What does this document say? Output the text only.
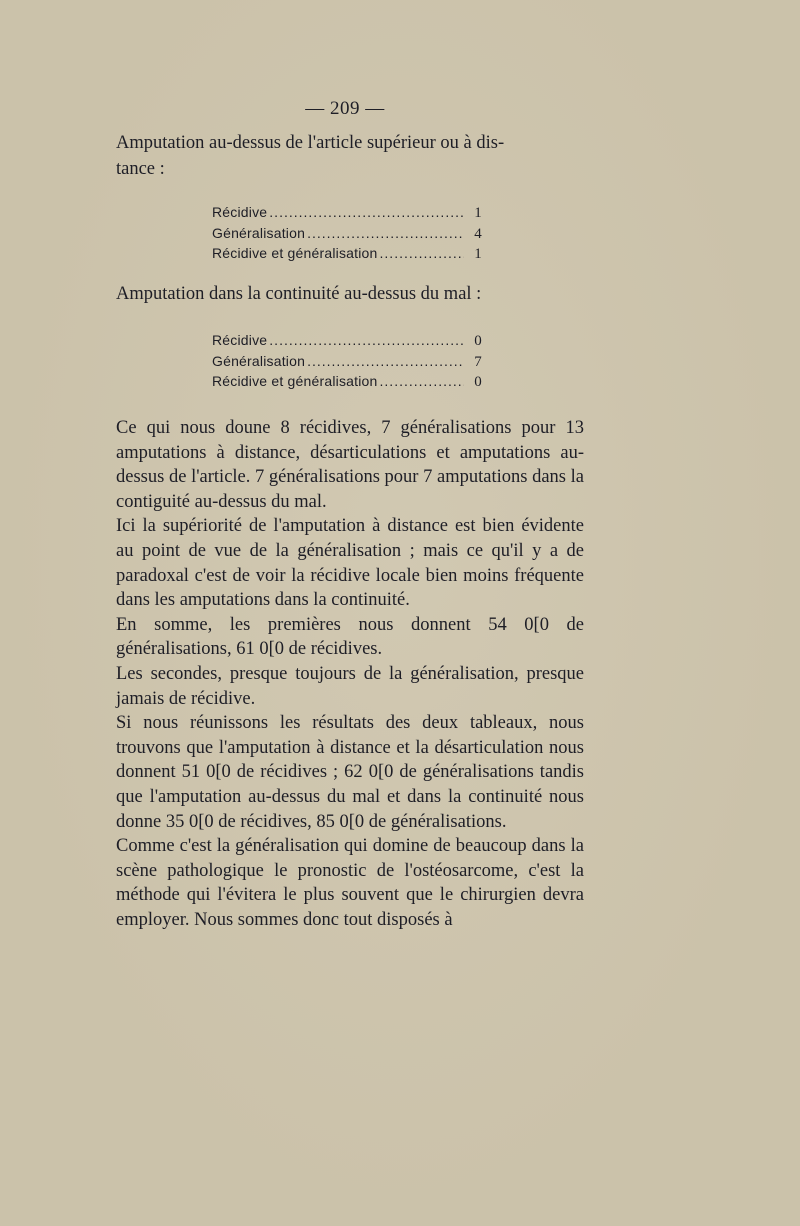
— 209 —
Amputation au-dessus de l'article supérieur ou à dis-
tance :
Récidive .....	1
Généralisation .....	4
Récidive et généralisation .....	1
Amputation dans la continuité au-dessus du mal :
Récidive .....	0
Généralisation .....	7
Récidive et généralisation .....	0

Ce qui nous doune 8 récidives, 7 généralisations pour 13 amputations à distance, désarticulations et amputations au-dessus de l'article. 7 généralisations pour 7 amputations dans la contiguité au-dessus du mal.

Ici la supériorité de l'amputation à distance est bien évidente au point de vue de la généralisation ; mais ce qu'il y a de paradoxal c'est de voir la récidive locale bien moins fréquente dans les amputations dans la continuité.

En somme, les premières nous donnent 54 0[0 de généralisations, 61 0[0 de récidives.

Les secondes, presque toujours de la généralisation, presque jamais de récidive.

Si nous réunissons les résultats des deux tableaux, nous trouvons que l'amputation à distance et la désarticulation nous donnent 51 0[0 de récidives ; 62 0[0 de généralisations tandis que l'amputation au-dessus du mal et dans la continuité nous donne 35 0[0 de récidives, 85 0[0 de généralisations.

Comme c'est la généralisation qui domine de beaucoup dans la scène pathologique le pronostic de l'ostéosarcome, c'est la méthode qui l'évitera le plus souvent que le chirurgien devra employer. Nous sommes donc tout disposés à
